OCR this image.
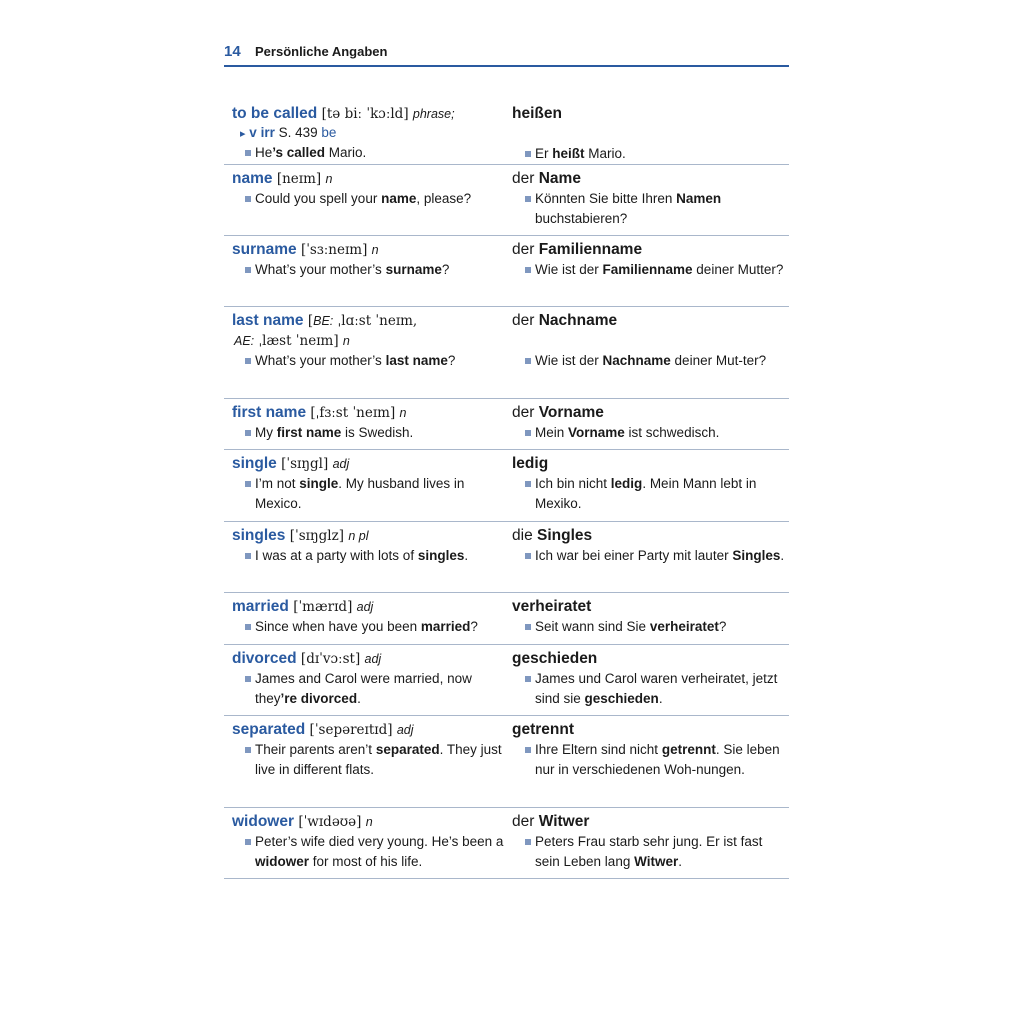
14 Persönliche Angaben
to be called [tə biː ˈkɔːld] phrase;
▸ v irr S. 439 be
He’s called Mario.
heißen
Er heißt Mario.
name [neɪm] n
Could you spell your name, please?
der Name
Könnten Sie bitte Ihren Namen buchstabieren?
surname [ˈsɜːneɪm] n
What’s your mother’s surname?
der Familienname
Wie ist der Familienname deiner Mutter?
last name [BE: ˌlɑːst ˈneɪm,
AE: ˌlæst ˈneɪm] n
What’s your mother’s last name?
der Nachname
Wie ist der Nachname deiner Mut-ter?
first name [ˌfɜːst ˈneɪm] n
My first name is Swedish.
der Vorname
Mein Vorname ist schwedisch.
single [ˈsɪŋgl] adj
I’m not single. My husband lives in Mexico.
ledig
Ich bin nicht ledig. Mein Mann lebt in Mexiko.
singles [ˈsɪŋglz] n pl
I was at a party with lots of singles.
die Singles
Ich war bei einer Party mit lauter Singles.
married [ˈmærɪd] adj
Since when have you been married?
verheiratet
Seit wann sind Sie verheiratet?
divorced [dɪˈvɔːst] adj
James and Carol were married, now they’re divorced.
geschieden
James und Carol waren verheiratet, jetzt sind sie geschieden.
separated [ˈsepəreɪtɪd] adj
Their parents aren’t separated. They just live in different flats.
getrennt
Ihre Eltern sind nicht getrennt. Sie leben nur in verschiedenen Woh-nungen.
widower [ˈwɪdəʊə] n
Peter’s wife died very young. He’s been a widower for most of his life.
der Witwer
Peters Frau starb sehr jung. Er ist fast sein Leben lang Witwer.
